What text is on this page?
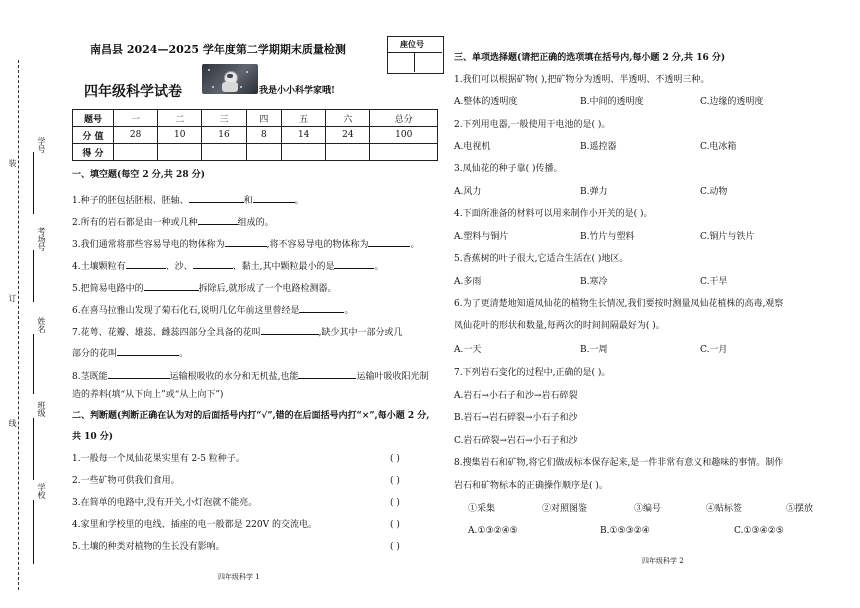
装
订
线
学号
考场号
姓名
班级
学校
南昌县 2024—2025 学年度第二学期期末质量检测	座位号
四年级科学试卷	我是小小科学家哦!
题号	一	二	三	四	五	六	总分
分 值	28	10	16	8	14	24	100
得 分							
一、填空题(每空 2 分,共 28 分)
1.种子的胚包括胚根、胚轴、	和	。
2.所有的岩石都是由一种或几种	组成的。
3.我们通常将那些容易导电的物体称为	,将不容易导电的物体称为	。
4.土壤颗粒有	、沙、	、黏土,其中颗粒最小的是	。
5.把简易电路中的	拆除后,就形成了一个电路检测器。
6.在喜马拉雅山发现了菊石化石,说明几亿年前这里曾经是	。
7.花萼、花瓣、雄蕊、雌蕊四部分全具备的花叫	,缺少其中一部分或几
部分的花叫	。
8.茎既能	运输根吸收的水分和无机盐,也能	运输叶吸收阳光制
造的养料(填“从下向上”或“从上向下”)
二、判断题(判断正确在认为对的后面括号内打“√”,错的在后面括号内打“×”,每小题 2 分,
共 10 分)
1.一般每一个凤仙花果实里有 2-5 粒种子。	( )
2.一些矿物可供我们食用。	( )
3.在简单的电路中,没有开关,小灯泡就不能亮。	( )
4.家里和学校里的电线、插座的电一般都是 220V 的交流电。	( )
5.土壤的种类对植物的生长没有影响。	( )
四年级科学 1
三、单项选择题(请把正确的选项填在括号内,每小题 2 分,共 16 分)
1.我们可以根据矿物( ),把矿物分为透明、半透明、不透明三种。
A.整体的透明度	B.中间的透明度	C.边缘的透明度
2.下列用电器,一般使用干电池的是( )。
A.电视机	B.遥控器	C.电冰箱
3.凤仙花的种子靠( )传播。
A.风力	B.弹力	C.动物
4.下面所准备的材料可以用来制作小开关的是( )。
A.塑料与铜片	B.竹片与塑料	C.铜片与铁片
5.香蕉树的叶子很大,它适合生活在( )地区。
A.多雨	B.寒冷	C.干旱
6.为了更清楚地知道凤仙花的植物生长情况,我们要按时测量凤仙花植株的高毒,观察
凤仙花叶的形状和数量,每两次的时间间隔最好为( )。
A.一天	B.一周	C.一月
7.下列岩石变化的过程中,正确的是( )。
A.岩石→小石子和沙→岩石碎裂
B.岩石→岩石碎裂→小石子和沙
C.岩石碎裂→岩石→小石子和沙
8.搜集岩石和矿物,将它们做成标本保存起来,是一件非常有意义和趣味的事情。制作
岩石和矿物标本的正确操作顺序是( )。
①采集	②对照图鉴	③编号	④贴标签	⑤摆放
A.①③②④⑤	B.①⑤③②④	C.①③④②⑤
四年级科学 2
